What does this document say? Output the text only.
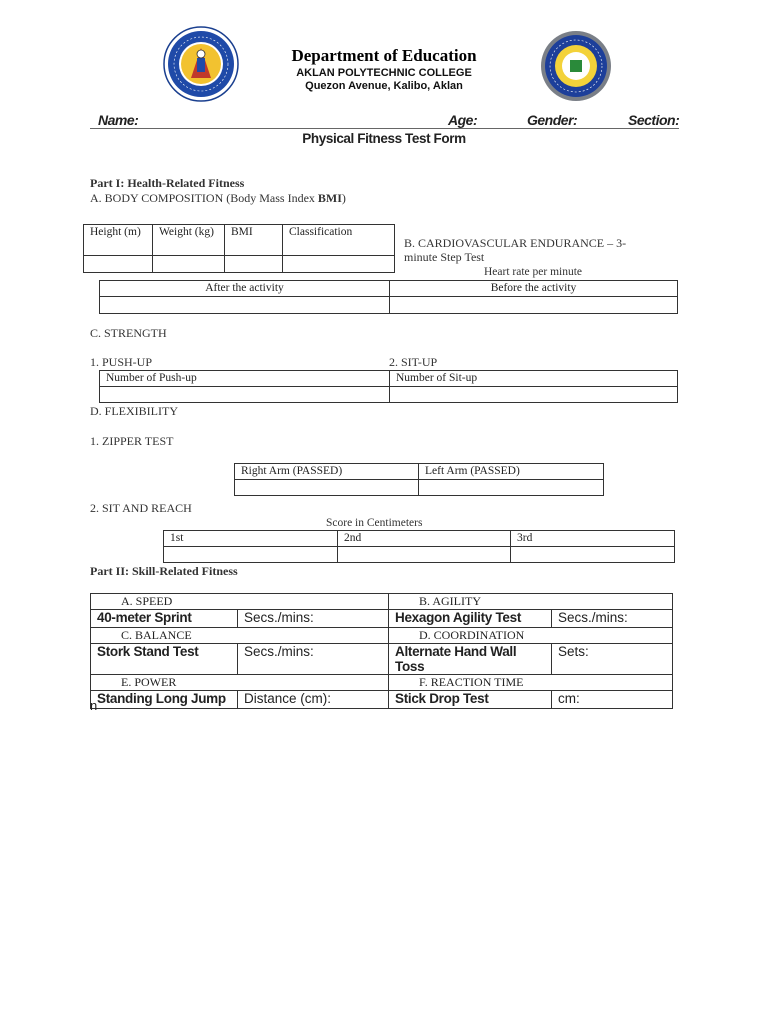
Department of Education
AKLAN POLYTECHNIC COLLEGE
Quezon Avenue, Kalibo, Aklan
Name:	Age:	Gender:	Section:
Physical Fitness Test Form
Part I: Health-Related Fitness
A. BODY COMPOSITION (Body Mass Index BMI)
Height (m)	Weight (kg)	BMI	Classification

B. CARDIOVASCULAR ENDURANCE – 3-minute Step Test
Heart rate per minute
After the activity	Before the activity

C. STRENGTH
1. PUSH-UP	2. SIT-UP
Number of Push-up	Number of Sit-up

D. FLEXIBILITY
1. ZIPPER TEST
Right Arm (PASSED)	Left Arm (PASSED)

2. SIT AND REACH
Score in Centimeters
1st	2nd	3rd

Part II: Skill-Related Fitness
A. SPEED		B. AGILITY	
40-meter Sprint	Secs./mins:	Hexagon Agility Test	Secs./mins:
C. BALANCE		D. COORDINATION	
Stork Stand Test	Secs./mins:	Alternate Hand Wall Toss	Sets:
E. POWER		F. REACTION TIME	
Standing Long Jump	Distance (cm):	Stick Drop Test	cm:
n
